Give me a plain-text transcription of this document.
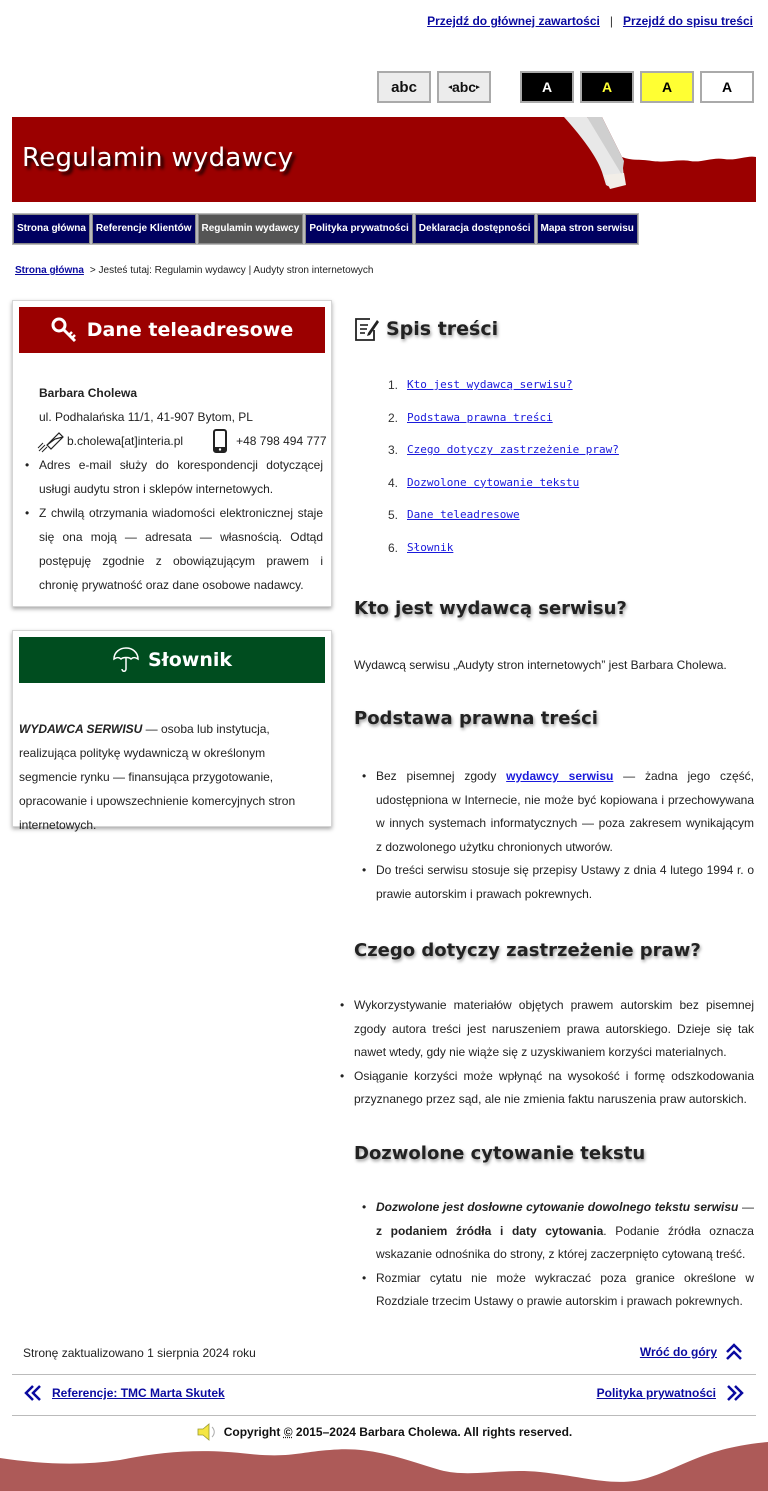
Przejdź do głównej zawartości | Przejdź do spisu treści
abc	◂ abc ▸	A	A	A	A
Regulamin wydawcy
Strona główna	Referencje Klientów	Regulamin wydawcy	Polityka prywatności	Deklaracja dostępności	Mapa stron serwisu
Strona główna > Jesteś tutaj: Regulamin wydawcy | Audyty stron internetowych
Dane teleadresowe
Barbara Cholewa
ul. Podhalańska 11/1, 41-907 Bytom, PL
b.cholewa[at]interia.pl	+48 798 494 777
• Adres e-mail służy do korespondencji dotyczącej usługi audytu stron i sklepów internetowych.
• Z chwilą otrzymania wiadomości elektronicznej staje się ona moją — adresata — własnością. Odtąd postępuję zgodnie z obowiązującym prawem i chronię prywatność oraz dane osobowe nadawcy.
Słownik
WYDAWCA SERWISU — osoba lub instytucja, realizująca politykę wydawniczą w określonym segmencie rynku — finansująca przygotowanie, opracowanie i upowszechnienie komercyjnych stron internetowych.
Spis treści
1. Kto jest wydawcą serwisu?
2. Podstawa prawna treści
3. Czego dotyczy zastrzeżenie praw?
4. Dozwolone cytowanie tekstu
5. Dane teleadresowe
6. Słownik
Kto jest wydawcą serwisu?
Wydawcą serwisu „Audyty stron internetowych” jest Barbara Cholewa.
Podstawa prawna treści
• Bez pisemnej zgody wydawcy serwisu — żadna jego część, udostępniona w Internecie, nie może być kopiowana i przechowywana w innych systemach informatycznych — poza zakresem wynikającym z dozwolonego użytku chronionych utworów.
• Do treści serwisu stosuje się przepisy Ustawy z dnia 4 lutego 1994 r. o prawie autorskim i prawach pokrewnych.
Czego dotyczy zastrzeżenie praw?
• Wykorzystywanie materiałów objętych prawem autorskim bez pisemnej zgody autora treści jest naruszeniem prawa autorskiego. Dzieje się tak nawet wtedy, gdy nie wiąże się z uzyskiwaniem korzyści materialnych.
• Osiąganie korzyści może wpłynąć na wysokość i formę odszkodowania przyznanego przez sąd, ale nie zmienia faktu naruszenia praw autorskich.
Dozwolone cytowanie tekstu
• Dozwolone jest dosłowne cytowanie dowolnego tekstu serwisu — z podaniem źródła i daty cytowania. Podanie źródła oznacza wskazanie odnośnika do strony, z której zaczerpnięto cytowaną treść.
• Rozmiar cytatu nie może wykraczać poza granice określone w Rozdziale trzecim Ustawy o prawie autorskim i prawach pokrewnych.
Stronę zaktualizowano 1 sierpnia 2024 roku	Wróć do góry
Referencje: TMC Marta Skutek	Polityka prywatności
Copyright © 2015–2024 Barbara Cholewa. All rights reserved.
